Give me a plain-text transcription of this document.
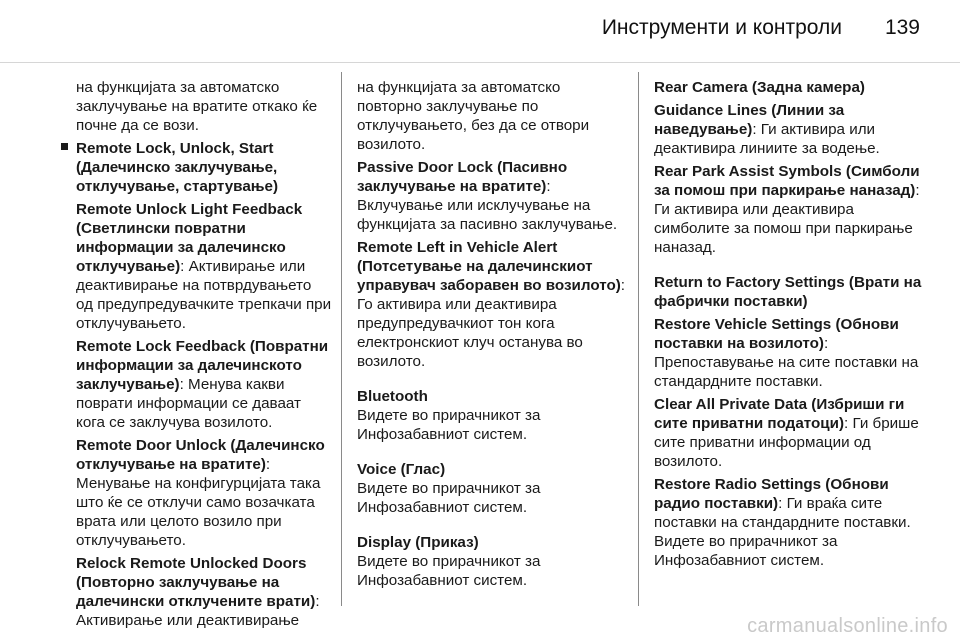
Инструменти и контроли 139

на функцијата за автоматско заклучување на вратите откако ќе почне да се вози.

Remote Lock, Unlock, Start (Далечинско заклучување, отклучување, стартување)

Remote Unlock Light Feedback (Светлински повратни информации за далечинско отклучување): Активирање или деактивирање на потврдувањето од предупредувачките трепкачи при отклучувањето.

Remote Lock Feedback (Повратни информации за далечинското заклучување): Менува какви поврати информации се даваат кога се заклучува возилото.

Remote Door Unlock (Далечинско отклучување на вратите): Менување на конфигурцијата така што ќе се отклучи само возачката врата или целото возило при отклучувањето.

Relock Remote Unlocked Doors (Повторно заклучување на далечински отклучените врати): Активирање или деактивирање

на функцијата за автоматско повторно заклучување по отклучувањето, без да се отвори возилото.

Passive Door Lock (Пасивно заклучување на вратите): Вклучување или исклучување на функцијата за пасивно заклучување.

Remote Left in Vehicle Alert (Потсетување на далечинскиот управувач заборавен во возилото): Го активира или деактивира предупредувачкиот тон кога електронскиот клуч останува во возилото.

Bluetooth
Видете во прирачникот за Инфозабавниот систем.
Voice (Глас)
Видете во прирачникот за Инфозабавниот систем.
Display (Приказ)
Видете во прирачникот за Инфозабавниот систем.

Rear Camera (Задна камера)

Guidance Lines (Линии за наведување): Ги активира или деактивира линиите за водење.

Rear Park Assist Symbols (Симболи за помош при паркирање наназад): Ги активира или деактивира симболите за помош при паркирање наназад.

Return to Factory Settings (Врати на фабрички поставки)

Restore Vehicle Settings (Обнови поставки на возилото): Препоставување на сите поставки на стандардните поставки.

Clear All Private Data (Избриши ги сите приватни податоци): Ги брише сите приватни информации од возилото.

Restore Radio Settings (Обнови радио поставки): Ги враќа сите поставки на стандардните поставки. Видете во прирачникот за Инфозабавниот систем.

carmanualsonline.info
